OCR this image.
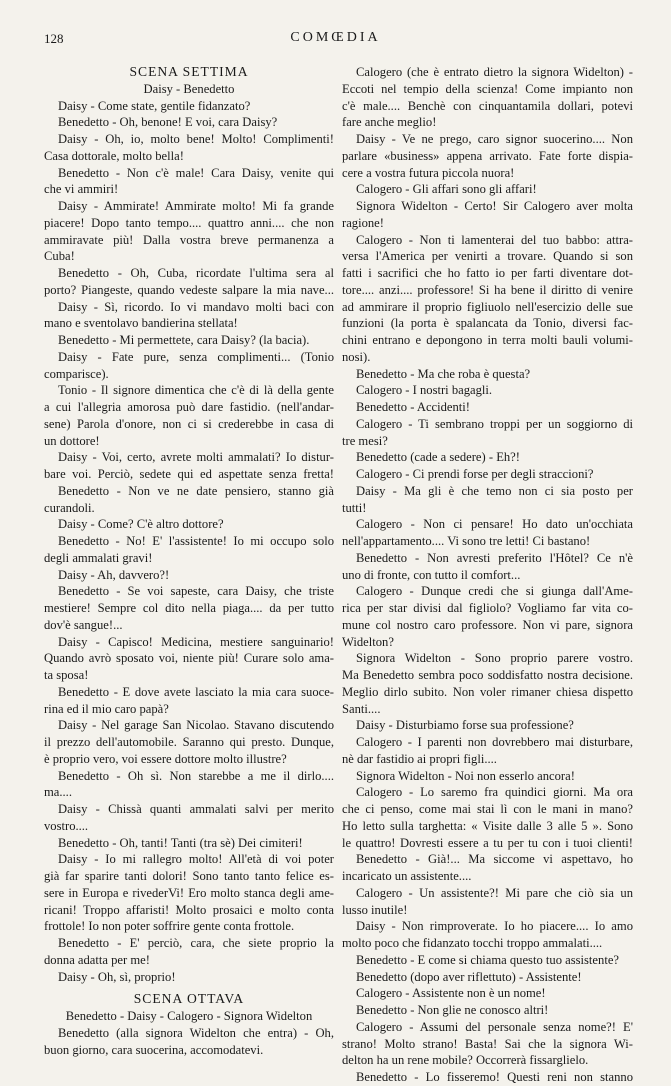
128	COMŒDIA
SCENA SETTIMA
Daisy - Benedetto
Daisy - Come state, gentile fidanzato?
Benedetto - Oh, benone! E voi, cara Daisy?
Daisy - Oh, io, molto bene! Molto! Complimenti!
Casa dottorale, molto bella!
Benedetto - Non c'è male! Cara Daisy, venite qui
che vi ammiri!
Daisy - Ammirate! Ammirate molto! Mi fa grande
piacere! Dopo tanto tempo.... quattro anni.... che non
ammiravate più! Dalla vostra breve permanenza a
Cuba!
Benedetto - Oh, Cuba, ricordate l'ultima sera al
porto? Piangeste, quando vedeste salpare la mia nave...
Daisy - Sì, ricordo. Io vi mandavo molti baci con
mano e sventolavo bandierina stellata!
Benedetto - Mi permettete, cara Daisy? (la bacia).
Daisy - Fate pure, senza complimenti... (Tonio
comparisce).
Tonio - Il signore dimentica che c'è di là della gente
a cui l'allegria amorosa può dare fastidio. (nell'andar-
sene) Parola d'onore, non ci si crederebbe in casa di
un dottore!
Daisy - Voi, certo, avrete molti ammalati? Io distur-
bare voi. Perciò, sedete qui ed aspettate senza fretta!
Benedetto - Non ve ne date pensiero, stanno già
curandoli.
Daisy - Come? C'è altro dottore?
Benedetto - No! E' l'assistente! Io mi occupo solo
degli ammalati gravi!
Daisy - Ah, davvero?!
Benedetto - Se voi sapeste, cara Daisy, che triste
mestiere! Sempre col dito nella piaga.... da per tutto
dov'è sangue!...
Daisy - Capisco! Medicina, mestiere sanguinario!
Quando avrò sposato voi, niente più! Curare solo ama-
ta sposa!
Benedetto - E dove avete lasciato la mia cara suoce-
rina ed il mio caro papà?
Daisy - Nel garage San Nicolao. Stavano discutendo
il prezzo dell'automobile. Saranno qui presto. Dunque,
è proprio vero, voi essere dottore molto illustre?
Benedetto - Oh sì. Non starebbe a me il dirlo....
ma....
Daisy - Chissà quanti ammalati salvi per merito
vostro....
Benedetto - Oh, tanti! Tanti (tra sè) Dei cimiteri!
Daisy - Io mi rallegro molto! All'età di voi poter
già far sparire tanti dolori! Sono tanto tanto felice es-
sere in Europa e rivederVi! Ero molto stanca degli ame-
ricani! Troppo affaristi! Molto prosaici e molto conta
frottole! Io non poter soffrire gente conta frottole.
Benedetto - E' perciò, cara, che siete proprio la
donna adatta per me!
Daisy - Oh, sì, proprio!
SCENA OTTAVA
Benedetto - Daisy - Calogero - Signora Widelton
Benedetto (alla signora Widelton che entra) - Oh,
buon giorno, cara suocerina, accomodatevi.
Calogero (che è entrato dietro la signora Widelton) -
Eccoti nel tempio della scienza! Come impianto non
c'è male.... Benchè con cinquantamila dollari, potevi
fare anche meglio!
Daisy - Ve ne prego, caro signor suocerino.... Non
parlare «business» appena arrivato. Fate forte dispia-
cere a vostra futura piccola nuora!
Calogero - Gli affari sono gli affari!
Signora Widelton - Certo! Sir Calogero aver molta
ragione!
Calogero - Non ti lamenterai del tuo babbo: attra-
versa l'America per venirti a trovare. Quando si son
fatti i sacrifici che ho fatto io per farti diventare dot-
tore.... anzi.... professore! Si ha bene il diritto di venire
ad ammirare il proprio figliuolo nell'esercizio delle sue
funzioni (la porta è spalancata da Tonio, diversi fac-
chini entrano e depongono in terra molti bauli volumi-
nosi).
Benedetto - Ma che roba è questa?
Calogero - I nostri bagagli.
Benedetto - Accidenti!
Calogero - Ti sembrano troppi per un soggiorno di
tre mesi?
Benedetto (cade a sedere) - Eh?!
Calogero - Ci prendi forse per degli straccioni?
Daisy - Ma gli è che temo non ci sia posto per
tutti!
Calogero - Non ci pensare! Ho dato un'occhiata
nell'appartamento.... Vi sono tre letti! Ci bastano!
Benedetto - Non avresti preferito l'Hôtel? Ce n'è
uno di fronte, con tutto il comfort...
Calogero - Dunque credi che si giunga dall'Ame-
rica per star divisi dal figliolo? Vogliamo far vita co-
mune col nostro caro professore. Non vi pare, signora
Widelton?
Signora Widelton - Sono proprio parere vostro.
Ma Benedetto sembra poco soddisfatto nostra decisione.
Meglio dirlo subito. Non voler rimaner chiesa dispetto
Santi....
Daisy - Disturbiamo forse sua professione?
Calogero - I parenti non dovrebbero mai disturbare,
nè dar fastidio ai propri figli....
Signora Widelton - Noi non esserlo ancora!
Calogero - Lo saremo fra quindici giorni. Ma ora
che ci penso, come mai stai lì con le mani in mano?
Ho letto sulla targhetta: « Visite dalle 3 alle 5 ». Sono
le quattro! Dovresti essere a tu per tu con i tuoi clienti!
Benedetto - Già!... Ma siccome vi aspettavo, ho
incaricato un assistente....
Calogero - Un assistente?! Mi pare che ciò sia un
lusso inutile!
Daisy - Non rimproverate. Io ho piacere.... Io amo
molto poco che fidanzato tocchi troppo ammalati....
Benedetto - E come si chiama questo tuo assistente?
Benedetto (dopo aver riflettuto) - Assistente!
Calogero - Assistente non è un nome!
Benedetto - Non glie ne conosco altri!
Calogero - Assumi del personale senza nome?! E'
strano! Molto strano! Basta! Sai che la signora Wi-
delton ha un rene mobile? Occorrerà fissarglielo.
Benedetto - Lo fisseremo! Questi reni non stanno
